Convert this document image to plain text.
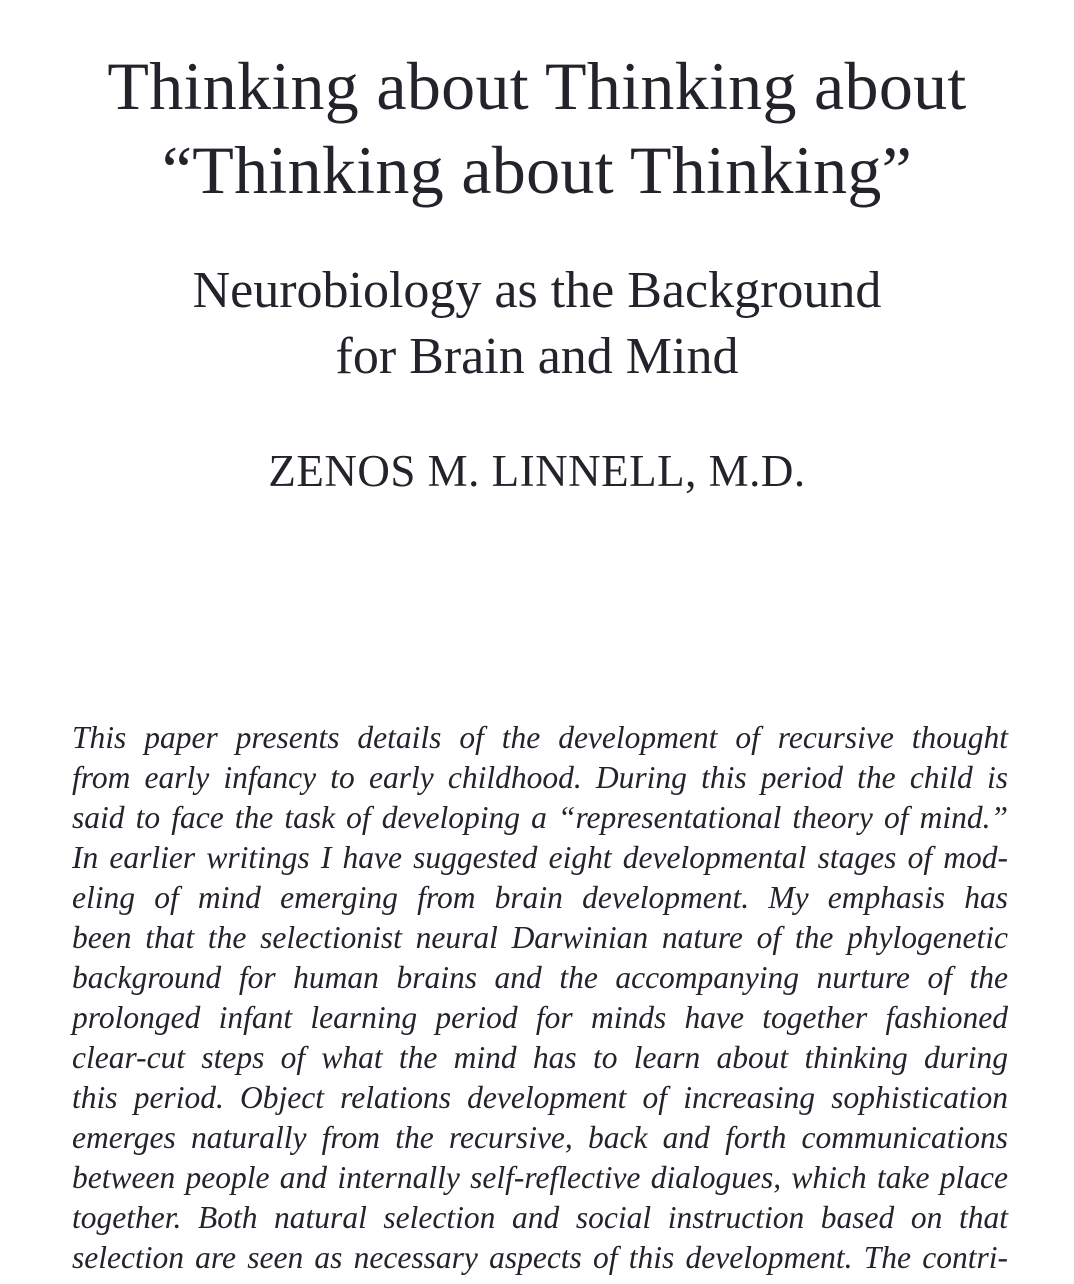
Thinking about Thinking about
“Thinking about Thinking”
Neurobiology as the Background
for Brain and Mind
ZENOS M. LINNELL, M.D.

This paper presents details of the development of recursive thought
from early infancy to early childhood. During this period the child is
said to face the task of developing a “representational theory of mind.”
In earlier writings I have suggested eight developmental stages of mod-
eling of mind emerging from brain development. My emphasis has
been that the selectionist neural Darwinian nature of the phylogenetic
background for human brains and the accompanying nurture of the
prolonged infant learning period for minds have together fashioned
clear-cut steps of what the mind has to learn about thinking during
this period. Object relations development of increasing sophistication
emerges naturally from the recursive, back and forth communications
between people and internally self-reflective dialogues, which take place
together. Both natural selection and social instruction based on that
selection are seen as necessary aspects of this development. The contri-
